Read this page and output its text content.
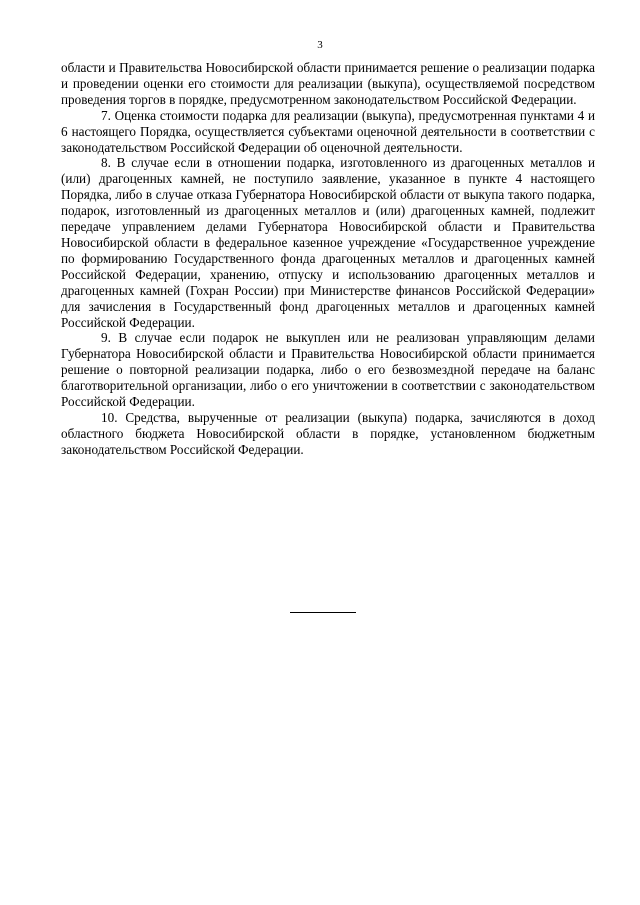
3

области и Правительства Новосибирской области принимается решение о реализации подарка и проведении оценки его стоимости для реализации (выкупа), осуществляемой посредством проведения торгов в порядке, предусмотренном законодательством Российской Федерации.

7. Оценка стоимости подарка для реализации (выкупа), предусмотренная пунктами 4 и 6 настоящего Порядка, осуществляется субъектами оценочной деятельности в соответствии с законодательством Российской Федерации об оценочной деятельности.

8. В случае если в отношении подарка, изготовленного из драгоценных металлов и (или) драгоценных камней, не поступило заявление, указанное в пункте 4 настоящего Порядка, либо в случае отказа Губернатора Новосибирской области от выкупа такого подарка, подарок, изготовленный из драгоценных металлов и (или) драгоценных камней, подлежит передаче управлением делами Губернатора Новосибирской области и Правительства Новосибирской области в федеральное казенное учреждение «Государственное учреждение по формированию Государственного фонда драгоценных металлов и драгоценных камней Российской Федерации, хранению, отпуску и использованию драгоценных металлов и драгоценных камней (Гохран России) при Министерстве финансов Российской Федерации» для зачисления в Государственный фонд драгоценных металлов и драгоценных камней Российской Федерации.

9. В случае если подарок не выкуплен или не реализован управляющим делами Губернатора Новосибирской области и Правительства Новосибирской области принимается решение о повторной реализации подарка, либо о его безвозмездной передаче на баланс благотворительной организации, либо о его уничтожении в соответствии с законодательством Российской Федерации.

10. Средства, вырученные от реализации (выкупа) подарка, зачисляются в доход областного бюджета Новосибирской области в порядке, установленном бюджетным законодательством Российской Федерации.
